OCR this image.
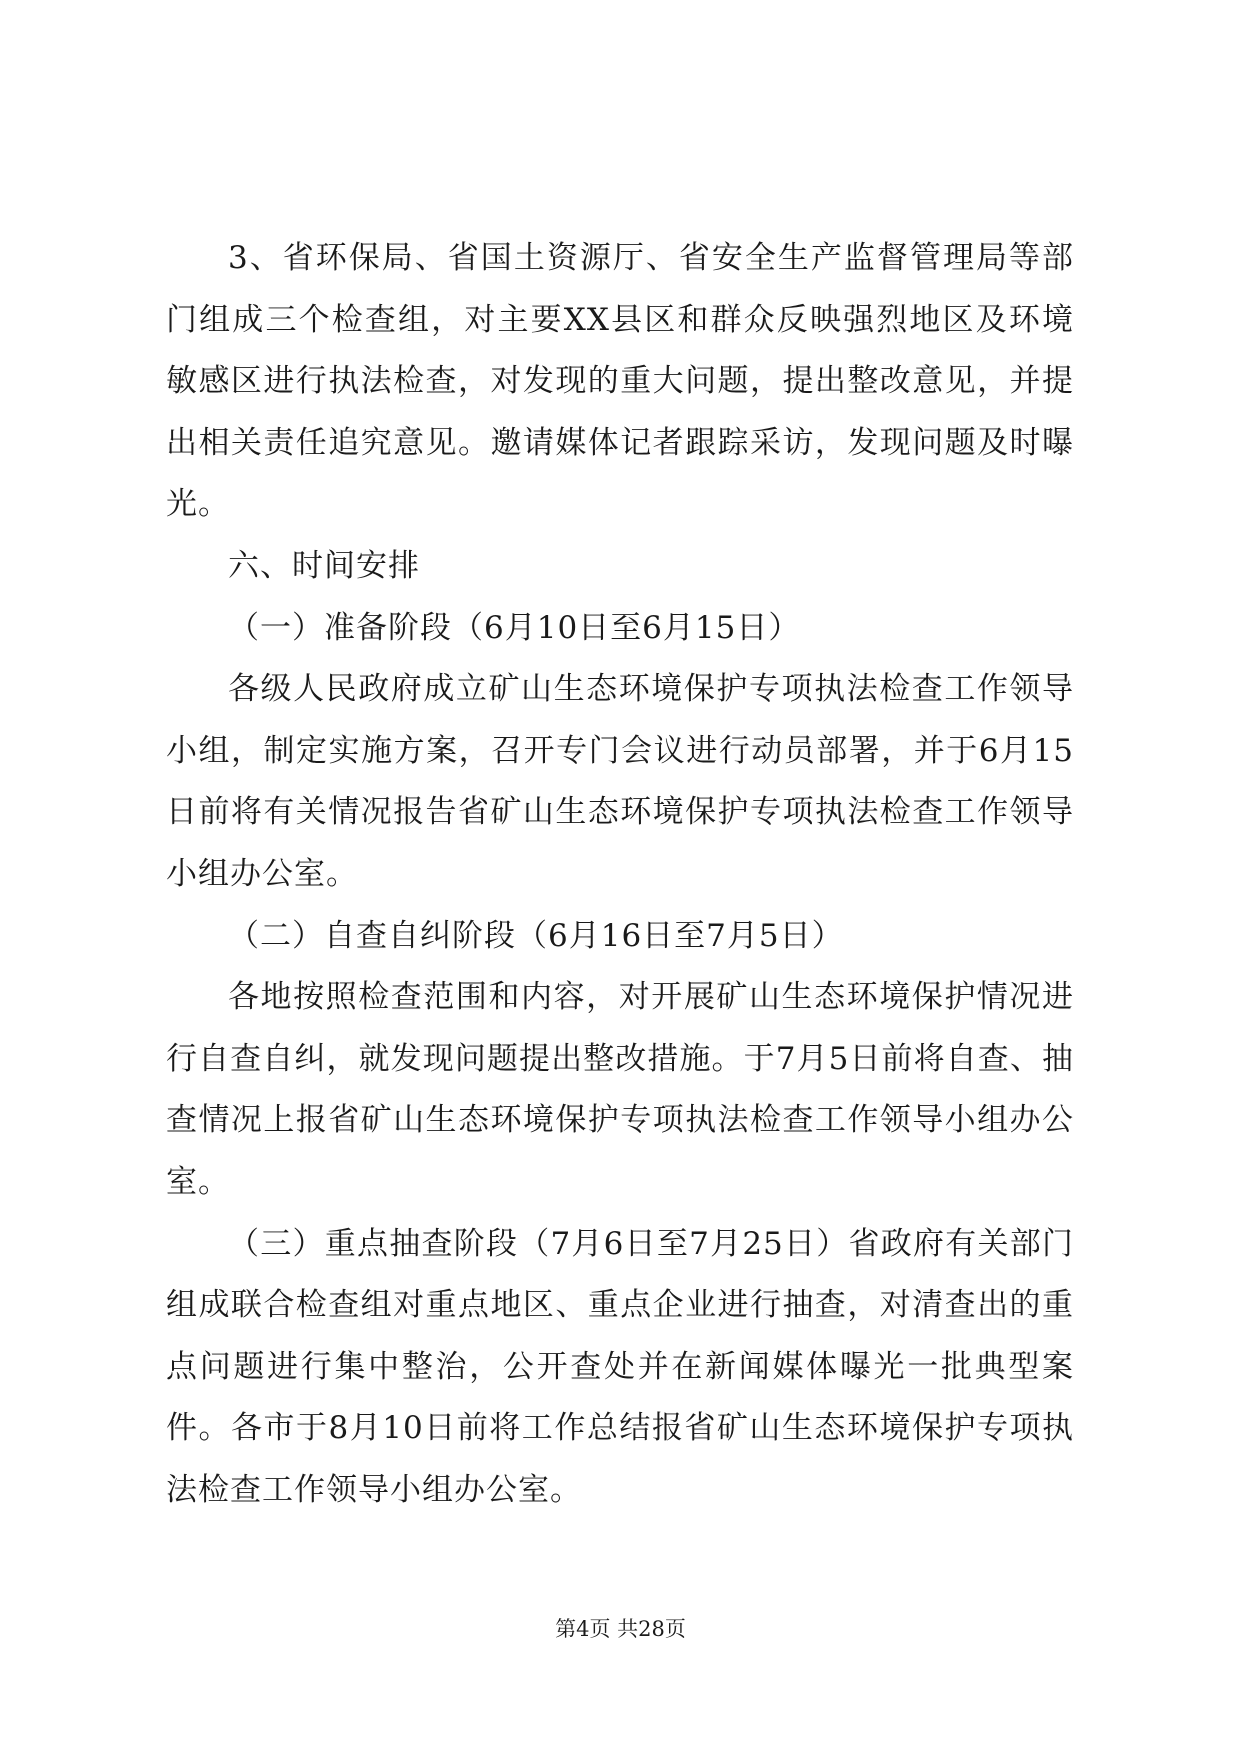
3、省环保局、省国土资源厅、省安全生产监督管理局等部门组成三个检查组，对主要XX县区和群众反映强烈地区及环境敏感区进行执法检查，对发现的重大问题，提出整改意见，并提出相关责任追究意见。邀请媒体记者跟踪采访，发现问题及时曝光。

六、时间安排

（一）准备阶段（6月10日至6月15日）

各级人民政府成立矿山生态环境保护专项执法检查工作领导小组，制定实施方案，召开专门会议进行动员部署，并于6月15日前将有关情况报告省矿山生态环境保护专项执法检查工作领导小组办公室。

（二）自查自纠阶段（6月16日至7月5日）

各地按照检查范围和内容，对开展矿山生态环境保护情况进行自查自纠，就发现问题提出整改措施。于7月5日前将自查、抽查情况上报省矿山生态环境保护专项执法检查工作领导小组办公室。

（三）重点抽查阶段（7月6日至7月25日）省政府有关部门组成联合检查组对重点地区、重点企业进行抽查，对清查出的重点问题进行集中整治，公开查处并在新闻媒体曝光一批典型案件。各市于8月10日前将工作总结报省矿山生态环境保护专项执法检查工作领导小组办公室。

第4页 共28页
